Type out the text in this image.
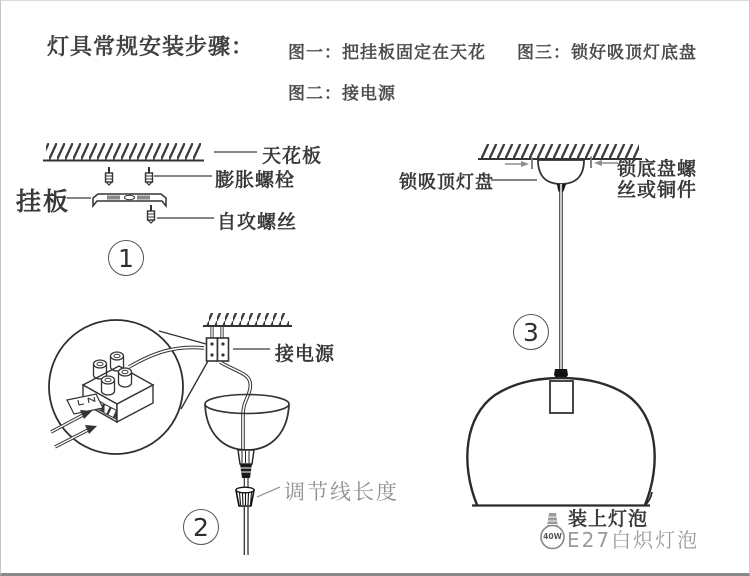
灯具常规安装步骤： 图一：把挂板固定在天花 图三：锁好吸顶灯底盘
图二：接电源
天花板
膨胀螺栓
挂板
自攻螺丝
1
接电源
调节线长度
2
锁吸顶灯盘
锁底盘螺
丝或铜件
3
装上灯泡
E27白炽灯泡
40W
